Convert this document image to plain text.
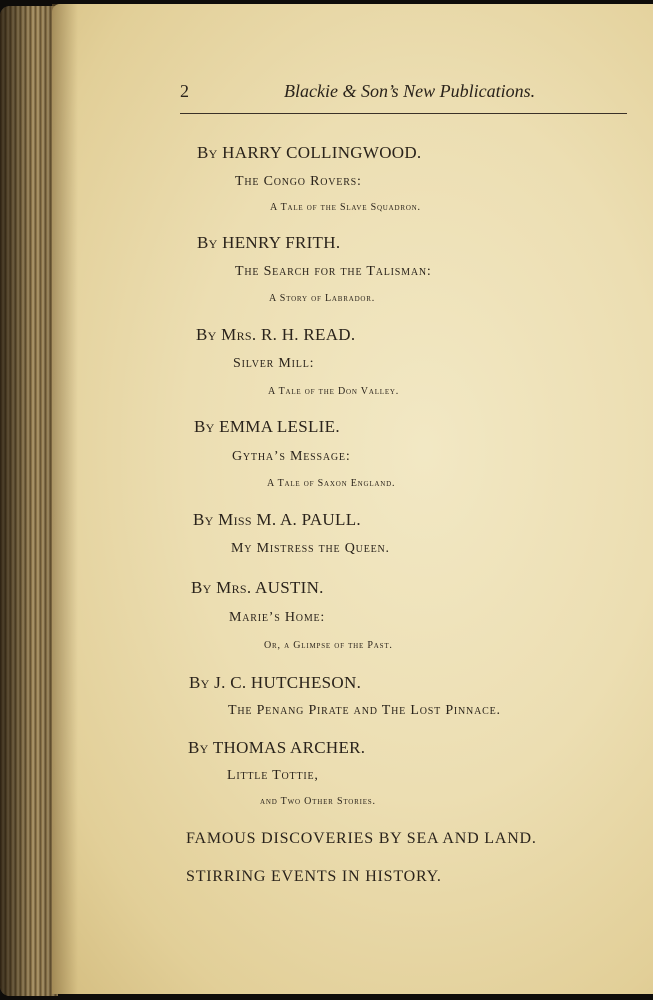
2	Blackie & Son’s New Publications.
By HARRY COLLINGWOOD.
The Congo Rovers:
A Tale of the Slave Squadron.
By HENRY FRITH.
The Search for the Talisman:
A Story of Labrador.
By Mrs. R. H. READ.
Silver Mill:
A Tale of the Don Valley.
By EMMA LESLIE.
Gytha’s Message:
A Tale of Saxon England.
By Miss M. A. PAULL.
My Mistress the Queen.
By Mrs. AUSTIN.
Marie’s Home:
Or, a Glimpse of the Past.
By J. C. HUTCHESON.
The Penang Pirate and The Lost Pinnace.
By THOMAS ARCHER.
Little Tottie,
and Two Other Stories.
FAMOUS DISCOVERIES BY SEA AND LAND.
STIRRING EVENTS IN HISTORY.
